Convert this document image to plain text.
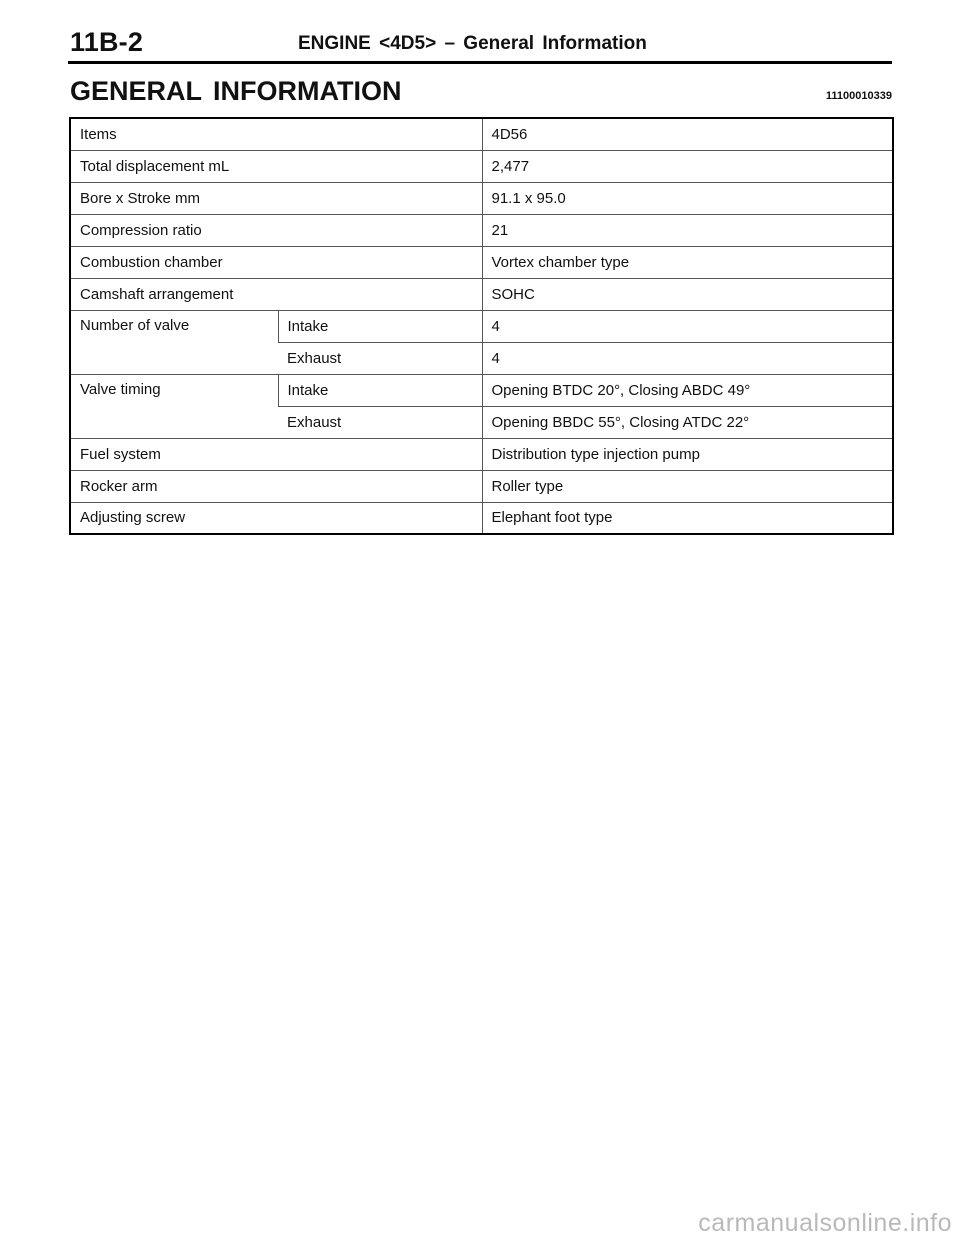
11B-2	ENGINE <4D5> – General Information
GENERAL INFORMATION	11100010339
Items		4D56
Total displacement mL		2,477
Bore x Stroke mm		91.1 x 95.0
Compression ratio		21
Combustion chamber		Vortex chamber type
Camshaft arrangement		SOHC
Number of valve	Intake	4
	Exhaust	4
Valve timing	Intake	Opening BTDC 20°, Closing ABDC 49°
	Exhaust	Opening BBDC 55°, Closing ATDC 22°
Fuel system		Distribution type injection pump
Rocker arm		Roller type
Adjusting screw		Elephant foot type
carmanualsonline.info
